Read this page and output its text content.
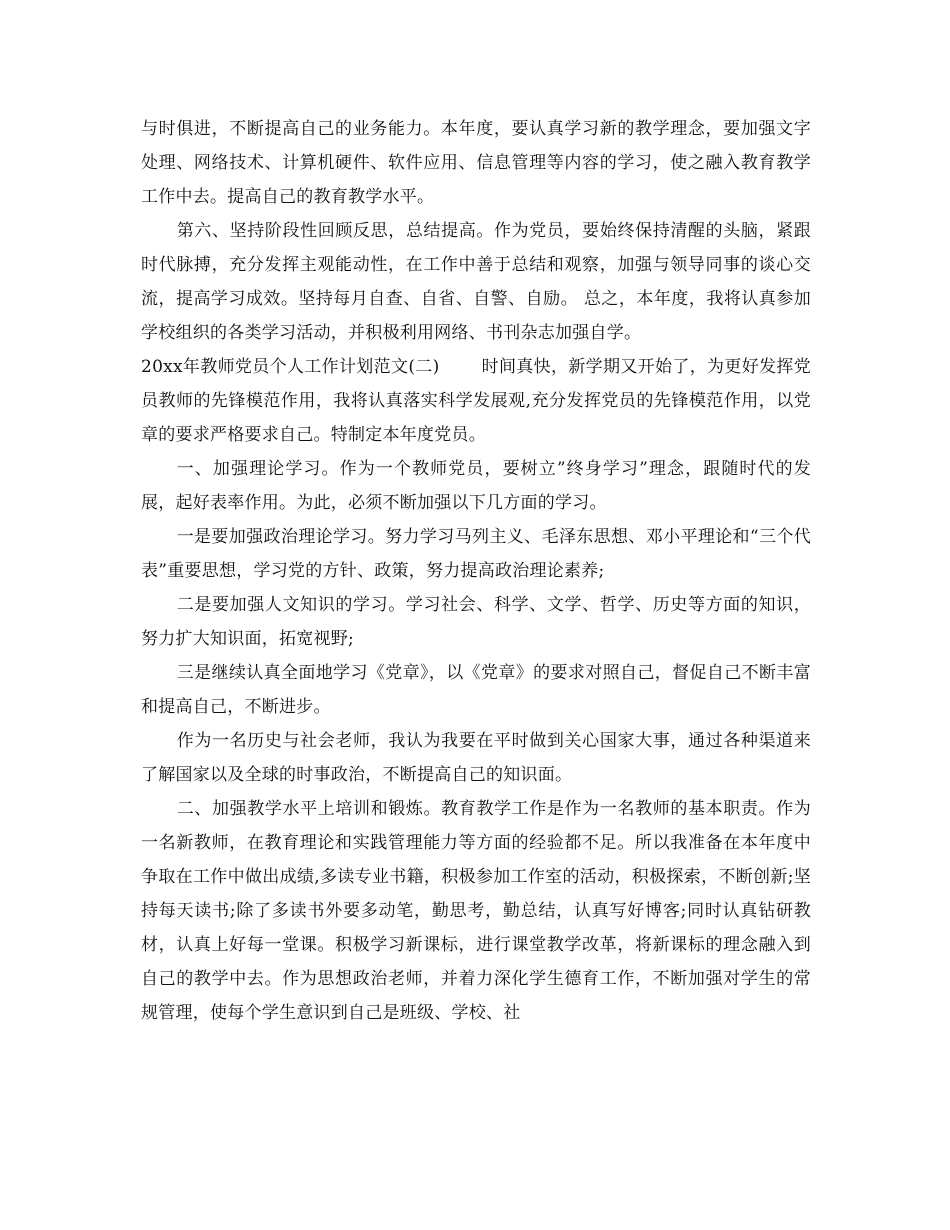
与时俱进，不断提高自己的业务能力。本年度，要认真学习新的教学理念，要加强文字处理、网络技术、计算机硬件、软件应用、信息管理等内容的学习，使之融入教育教学工作中去。提高自己的教育教学水平。

第六、坚持阶段性回顾反思，总结提高。作为党员，要始终保持清醒的头脑，紧跟时代脉搏，充分发挥主观能动性，在工作中善于总结和观察，加强与领导同事的谈心交流，提高学习成效。坚持每月自查、自省、自警、自励。 总之，本年度，我将认真参加学校组织的各类学习活动，并积极利用网络、书刊杂志加强自学。

20xx年教师党员个人工作计划范文(二) 时间真快，新学期又开始了，为更好发挥党员教师的先锋模范作用，我将认真落实科学发展观,充分发挥党员的先锋模范作用，以党章的要求严格要求自己。特制定本年度党员。

一、加强理论学习。作为一个教师党员，要树立”终身学习”理念，跟随时代的发展，起好表率作用。为此，必须不断加强以下几方面的学习。

一是要加强政治理论学习。努力学习马列主义、毛泽东思想、邓小平理论和“三个代表”重要思想，学习党的方针、政策，努力提高政治理论素养;

二是要加强人文知识的学习。学习社会、科学、文学、哲学、历史等方面的知识，努力扩大知识面，拓宽视野;

三是继续认真全面地学习《党章》，以《党章》的要求对照自己，督促自己不断丰富和提高自己，不断进步。

作为一名历史与社会老师，我认为我要在平时做到关心国家大事，通过各种渠道来了解国家以及全球的时事政治，不断提高自己的知识面。

二、加强教学水平上培训和锻炼。教育教学工作是作为一名教师的基本职责。作为一名新教师，在教育理论和实践管理能力等方面的经验都不足。所以我准备在本年度中争取在工作中做出成绩,多读专业书籍，积极参加工作室的活动，积极探索，不断创新;坚持每天读书;除了多读书外要多动笔，勤思考，勤总结，认真写好博客;同时认真钻研教材，认真上好每一堂课。积极学习新课标，进行课堂教学改革，将新课标的理念融入到自己的教学中去。作为思想政治老师，并着力深化学生德育工作，不断加强对学生的常规管理，使每个学生意识到自己是班级、学校、社
